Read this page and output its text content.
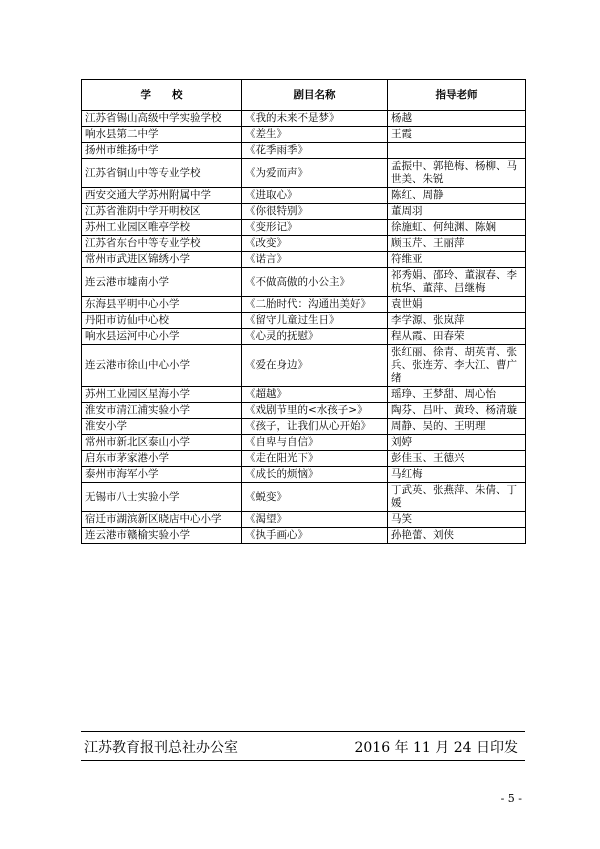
学　　校	剧目名称	指导老师
江苏省锡山高级中学实验学校	《我的未来不是梦》	杨越
响水县第二中学	《差生》	王霞
扬州市维扬中学	《花季雨季》	
江苏省铜山中等专业学校	《为爱而声》	孟振中、郭艳梅、杨柳、马世美、朱锐
西安交通大学苏州附属中学	《进取心》	陈红、周静
江苏省淮阴中学开明校区	《你很特别》	董周羽
苏州工业园区唯亭学校	《变形记》	徐施虹、何纯渊、陈娴
江苏省东台中等专业学校	《改变》	顾玉芹、王丽萍
常州市武进区锦绣小学	《诺言》	符维亚
连云港市墟南小学	《不做高傲的小公主》	祁秀娟、邵玲、董淑春、李杭华、董萍、吕继梅
东海县平明中心小学	《二胎时代：沟通出美好》	袁世娟
丹阳市访仙中心校	《留守儿童过生日》	李学源、张岚萍
响水县运河中心小学	《心灵的抚慰》	程从霞、田春荣
连云港市徐山中心小学	《爱在身边》	张红丽、徐青、胡英青、张兵、张连芳、李大江、曹广绪
苏州工业园区星海小学	《超越》	瑶琤、王梦甜、周心怡
淮安市清江浦实验小学	《戏剧节里的<水孩子>》	陶芬、吕叶、黄玲、杨清璇
淮安小学	《孩子，让我们从心开始》	周静、吴的、王明理
常州市新北区泰山小学	《自卑与自信》	刘婷
启东市茅家港小学	《走在阳光下》	彭佳玉、王德兴
泰州市海军小学	《成长的烦恼》	马红梅
无锡市八士实验小学	《蜕变》	丁武英、张燕萍、朱倩、丁媛
宿迁市湖滨新区晓店中心小学	《渴望》	马笑
连云港市赣榆实验小学	《执手画心》	孙艳蕾、刘侠
江苏教育报刊总社办公室	2016 年 11 月 24 日印发
- 5 -
